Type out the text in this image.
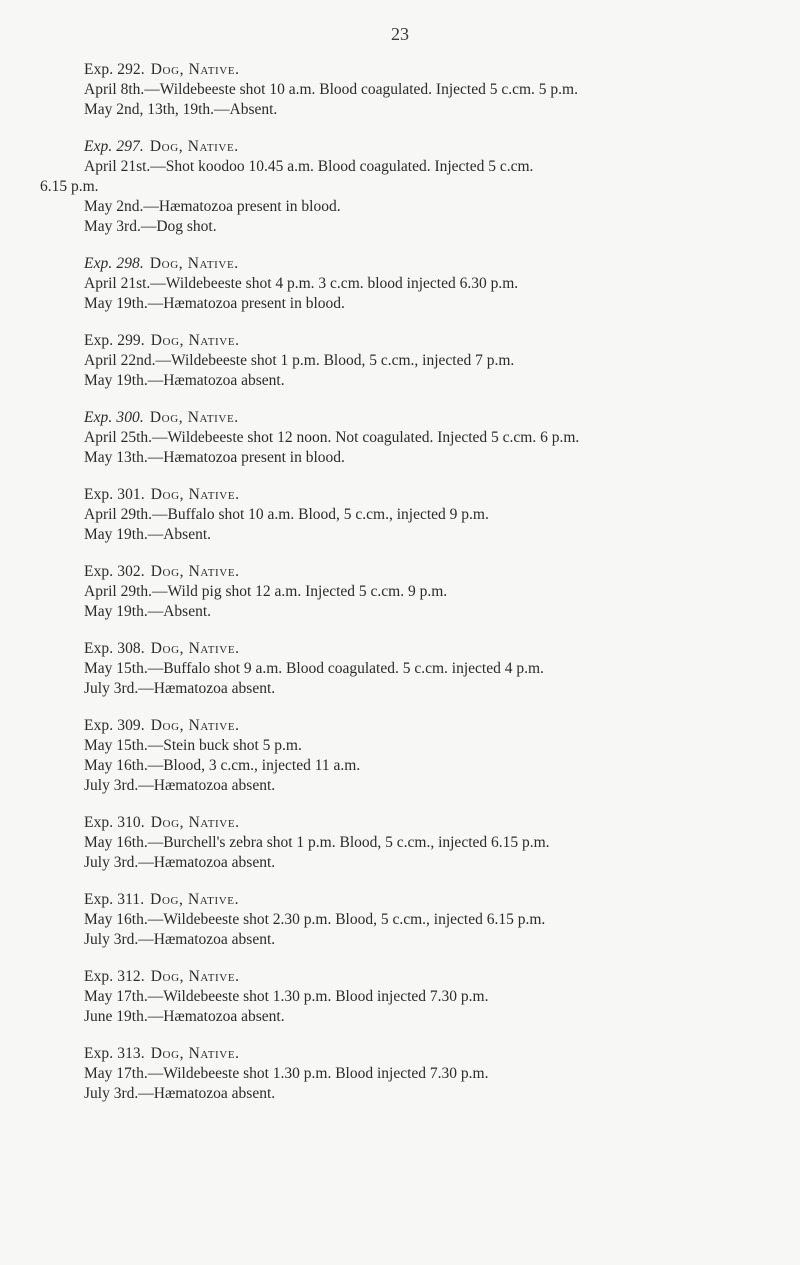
23
Exp. 292. Dog, Native.
April 8th.—Wildebeeste shot 10 a.m. Blood coagulated. Injected 5 c.cm. 5 p.m.
May 2nd, 13th, 19th.—Absent.
Exp. 297. Dog, Native.
April 21st.—Shot koodoo 10.45 a.m. Blood coagulated. Injected 5 c.cm.
6.15 p.m.
May 2nd.—Hæmatozoa present in blood.
May 3rd.—Dog shot.
Exp. 298. Dog, Native.
April 21st.—Wildebeeste shot 4 p.m. 3 c.cm. blood injected 6.30 p.m.
May 19th.—Hæmatozoa present in blood.
Exp. 299. Dog, Native.
April 22nd.—Wildebeeste shot 1 p.m. Blood, 5 c.cm., injected 7 p.m.
May 19th.—Hæmatozoa absent.
Exp. 300. Dog, Native.
April 25th.—Wildebeeste shot 12 noon. Not coagulated. Injected 5 c.cm. 6 p.m.
May 13th.—Hæmatozoa present in blood.
Exp. 301. Dog, Native.
April 29th.—Buffalo shot 10 a.m. Blood, 5 c.cm., injected 9 p.m.
May 19th.—Absent.
Exp. 302. Dog, Native.
April 29th.—Wild pig shot 12 a.m. Injected 5 c.cm. 9 p.m.
May 19th.—Absent.
Exp. 308. Dog, Native.
May 15th.—Buffalo shot 9 a.m. Blood coagulated. 5 c.cm. injected 4 p.m.
July 3rd.—Hæmatozoa absent.
Exp. 309. Dog, Native.
May 15th.—Stein buck shot 5 p.m.
May 16th.—Blood, 3 c.cm., injected 11 a.m.
July 3rd.—Hæmatozoa absent.
Exp. 310. Dog, Native.
May 16th.—Burchell's zebra shot 1 p.m. Blood, 5 c.cm., injected 6.15 p.m.
July 3rd.—Hæmatozoa absent.
Exp. 311. Dog, Native.
May 16th.—Wildebeeste shot 2.30 p.m. Blood, 5 c.cm., injected 6.15 p.m.
July 3rd.—Hæmatozoa absent.
Exp. 312. Dog, Native.
May 17th.—Wildebeeste shot 1.30 p.m. Blood injected 7.30 p.m.
June 19th.—Hæmatozoa absent.
Exp. 313. Dog, Native.
May 17th.—Wildebeeste shot 1.30 p.m. Blood injected 7.30 p.m.
July 3rd.—Hæmatozoa absent.
